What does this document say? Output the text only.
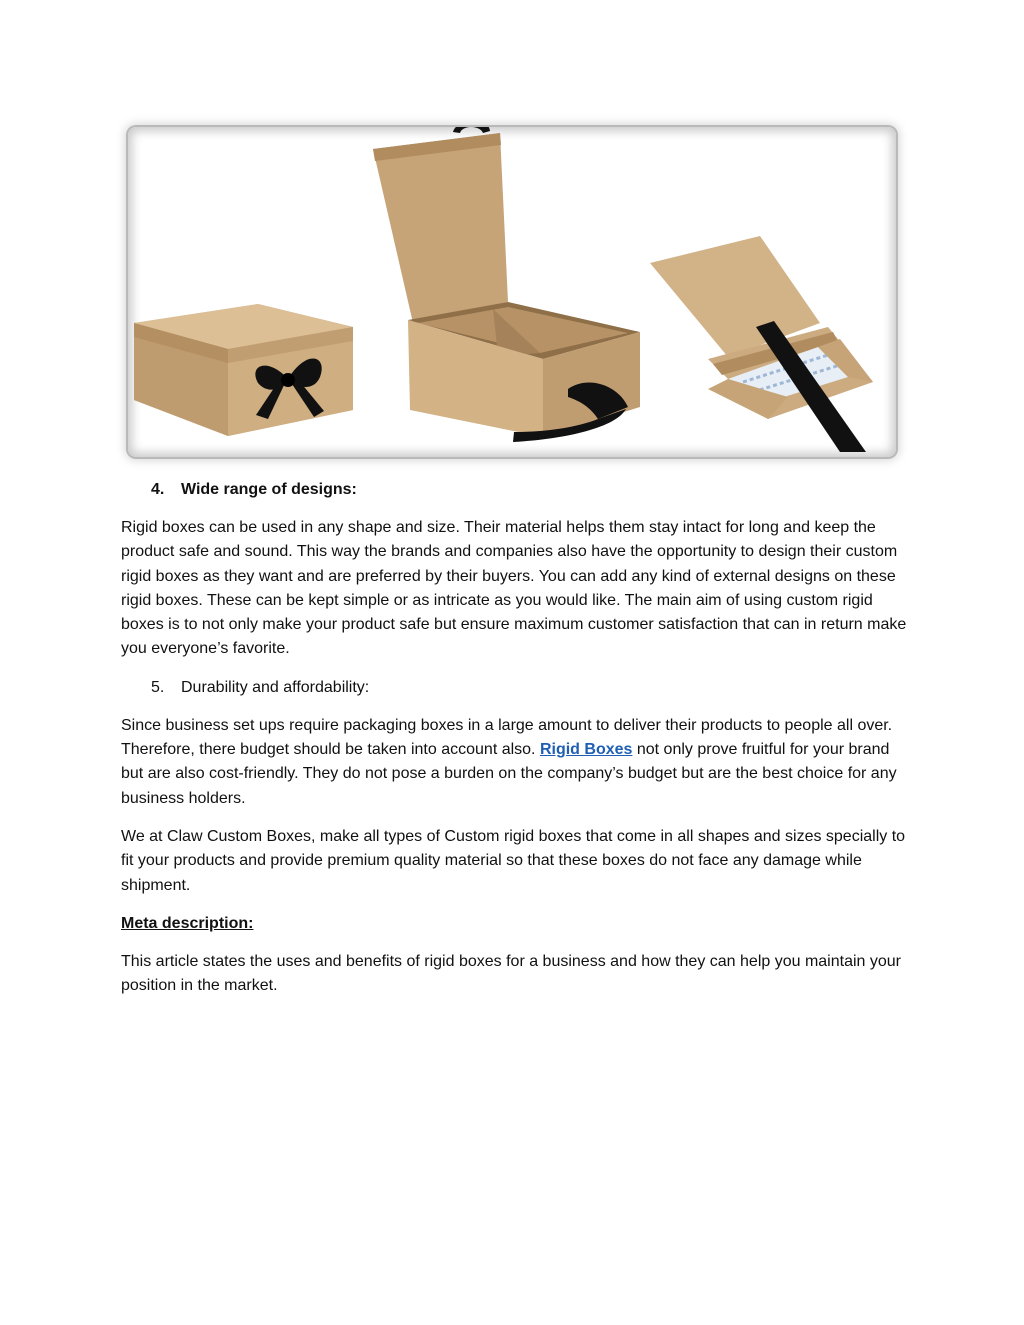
4.	Wide range of designs:

Rigid boxes can be used in any shape and size. Their material helps them stay intact for long and keep the product safe and sound. This way the brands and companies also have the opportunity to design their custom rigid boxes as they want and are preferred by their buyers. You can add any kind of external designs on these rigid boxes. These can be kept simple or as intricate as you would like. The main aim of using custom rigid boxes is to not only make your product safe but ensure maximum customer satisfaction that can in return make you everyone’s favorite.

5.	Durability and affordability:

Since business set ups require packaging boxes in a large amount to deliver their products to people all over. Therefore, there budget should be taken into account also. Rigid Boxes not only prove fruitful for your brand but are also cost-friendly. They do not pose a burden on the company’s budget but are the best choice for any business holders.

We at Claw Custom Boxes, make all types of Custom rigid boxes that come in all shapes and sizes specially to fit your products and provide premium quality material so that these boxes do not face any damage while shipment.

Meta description:

This article states the uses and benefits of rigid boxes for a business and how they can help you maintain your position in the market.
